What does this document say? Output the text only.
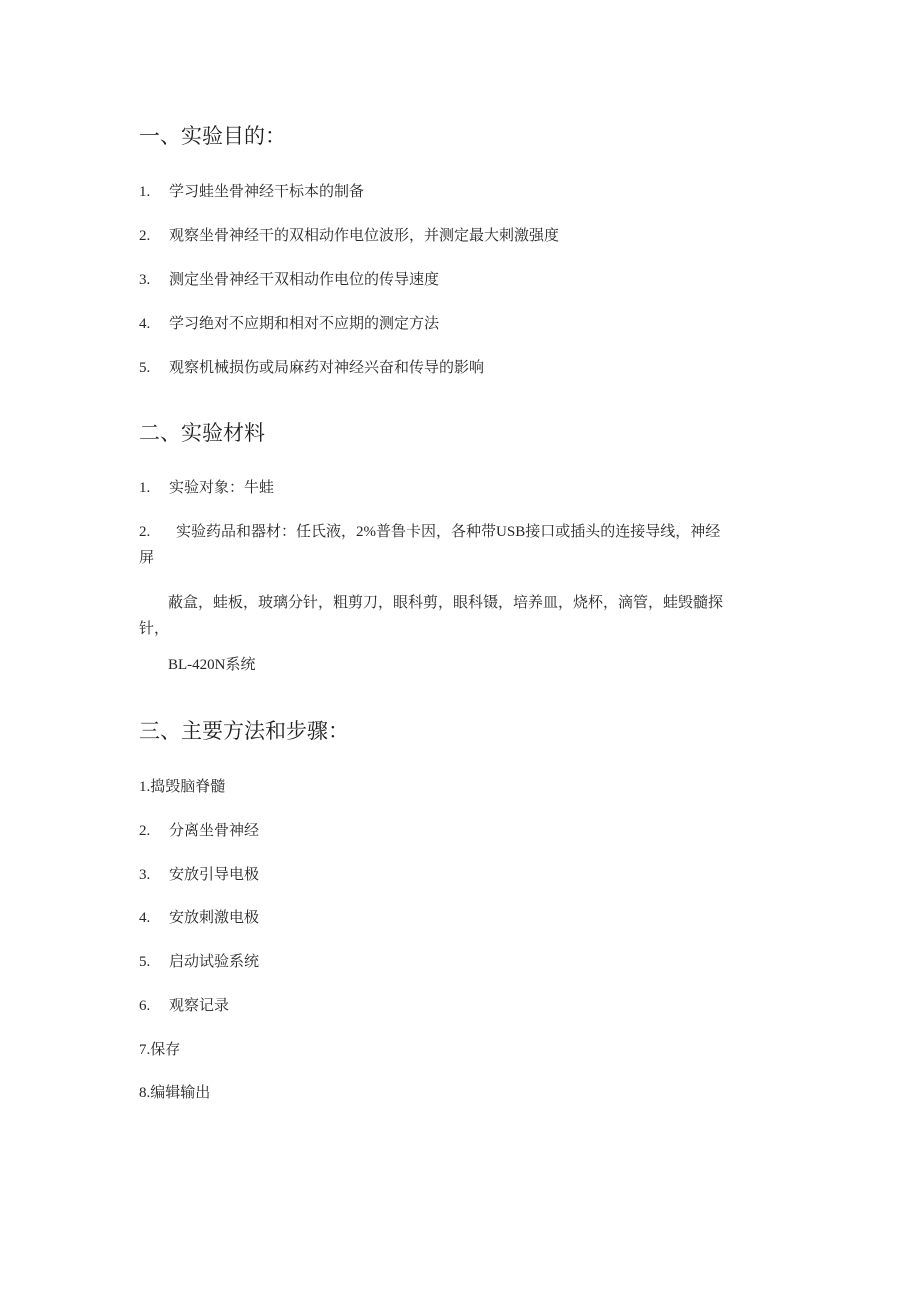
一、实验目的：
1. 学习蛙坐骨神经干标本的制备
2. 观察坐骨神经干的双相动作电位波形，并测定最大刺激强度
3. 测定坐骨神经干双相动作电位的传导速度
4. 学习绝对不应期和相对不应期的测定方法
5. 观察机械损伤或局麻药对神经兴奋和传导的影响
二、实验材料
1. 实验对象：牛蛙
2. 实验药品和器材：任氏液，2%普鲁卡因，各种带USB接口或插头的连接导线，神经
屏
蔽盒，蛙板，玻璃分针，粗剪刀，眼科剪，眼科镊，培养皿，烧杯，滴管，蛙毁髓探
针，
BL-420N系统
三、主要方法和步骤：
1.捣毁脑脊髓
2. 分离坐骨神经
3. 安放引导电极
4. 安放刺激电极
5. 启动试验系统
6. 观察记录
7.保存
8.编辑输出
